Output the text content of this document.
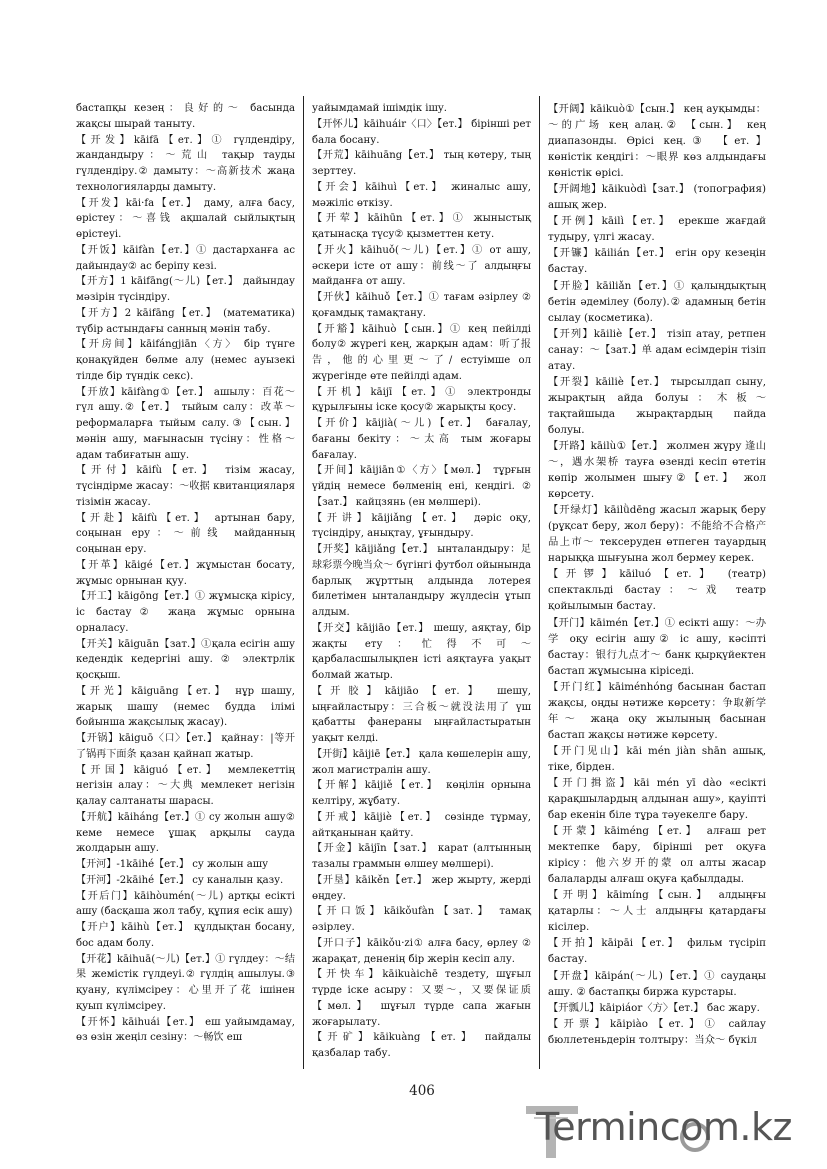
бастапқы кезең：良好的～ басында жақсы шырай таныту.

【开发】kāifā【ет.】① гүлдендіру, жандандыру：～荒山 тақыр тауды гүлдендіру.② дамыту：～高新技术 жаңа технологияларды дамыту.

【开发】kāi·fa【ет.】 даму, алға басу, өрістеу：～喜钱 ақшалай сыйлықтың өрістеуі.

【开饭】kāifàn【ет.】① дастарханға ас дайындау② ас беріпу кезі.

【开方】1 kāifāng(～儿)【ет.】 дайындау мәзірін түсіндіру.

【开方】2 kāifāng【ет.】 (математика) түбір астындағы санның мәнін табу.

【开房间】kāifángjiān〈方〉 бір түнге қонақүйден бөлме алу (немес ауызекі тілде бір түндік секс).

【开放】kāifàng①【ет.】 ашылу：百花～ гүл ашу.②【ет.】 тыйым салу：改革～ реформаларға тыйым салу.③【сын.】 мәнін ашу, мағынасын түсіну：性格～ адам табиғатын ашу.

【开付】kāifù【ет.】 тізім жасау, түсіндірме жасау：～收据 квитанцияларя тізімін жасау.

【开赴】kāifù【ет.】 артынан бару, соңынан еру：～前线 майданның соңынан еру.

【开革】kāigé【ет.】жұмыстан босату, жұмыс орнынан қуу.

【开工】kāigōng【ет.】① жұмысқа кірісу, іс бастау② жаңа жұмыс орнына орналасу.

【开关】kāiguān【зат.】①қала есігін ашу кедендік кедергіні ашу. ② электрлік қосқыш.

【开光】kāiguāng【ет.】 нұр шашу, жарық шашу (немес будда ілімі бойынша жақсылық жасау).

【开锅】kāiguō〈口〉【ет.】 қайнау：|等开了锅再下面条 қазан қайнап жатыр.

【开国】kāiguó【ет.】 мемлекеттің негізін алау：～大典 мемлекет негізін қалау салтанаты шарасы.

【开航】kāiháng【ет.】① су жолын ашу② кеме немесе ұшақ арқылы сауда жолдарын ашу.

【开河】-1kāihé【ет.】 су жолын ашу

【开河】-2kāihé【ет.】 су каналын қазу.

【开后门】kāihòumén(～儿) артқы есікті ашу (басқаша жол табу, құпия есік ашу)

【开户】kāihù【ет.】 құлдықтан босану, бос адам болу.

【开花】kāihuā(～儿)【ет.】① гүлдеу：～结果 жемістік гүлдеуі.② гүлдің ашылуы.③ қуану, күлімсіреу：心里开了花 ішінен қуып күлімсіреу.

【开怀】kāihuái【ет.】 еш уайымдамау, өз өзін жеңіл сезіну：～畅饮 еш

уайымдамай ішімдік ішу.

【开怀儿】kāihuáir〈口〉【ет.】 бірінші рет бала босану.

【开荒】kāihuāng【ет.】 тың көтеру, тың зерттеу.

【开会】kāihuì【ет.】 жиналыс ашу, мәжіліс өткізу.

【开荤】kāihūn【ет.】① жыныстық қатынасқа түсу② қызметтен кету.

【开火】kāihuǒ(～儿)【ет.】① от ашу, әскери істе от ашу：前线～了 алдыңғы майданға от ашу.

【开伙】kāihuǒ【ет.】① тағам әзірлеу ② қоғамдық тамақтану.

【开豁】kāihuò【сын.】① кең пейілді болу② жүрегі кең, жарқын адам：听了报告，他的心里更～了/ естуімше ол жүрегінде өте пейілді адам.

【开机】kāijī【ет.】① электронды құрылғыны іске қосу② жарықты қосу.

【开价】kāijià(～儿)【ет.】 бағалау, бағаны бекіту：～太高 тым жоғары бағалау.

【开间】kāijiān①〈方〉【мөл.】 тұрғын үйдің немесе бөлменің ені, кеңдігі. ②【зат.】 кайцзянь (ен мөлшері).

【开讲】kāijiǎng【ет.】 дәріс оқу, түсіндіру, анықтау, ұғындыру.

【开奖】kāijiǎng【ет.】 ынталандыру：足球彩票今晚当众～ бүгінгі футбол ойынында барлық жұрттың алдында лотерея билетімен ынталандыру жүлдесін ұтып алдым.

【开交】kāijiāo【ет.】 шешу, аяқтау, бір жақты ету：忙得不可～ қарбаласшылықпен істі аяқтауға уақыт болмай жатыр.

【开胶】kāijiāo【ет.】 шешу, ыңғайластыру：三合板～就没法用了 үш қабатты фанераны ыңғайластыратын уақыт келді.

【开街】kāijiē【ет.】 қала көшелерін ашу, жол магистралін ашу.

【开解】kāijiě【ет.】 көңілін орнына келтіру, жұбату.

【开戒】kāijiè【ет.】 сөзінде тұрмау, айтқанынан қайту.

【开金】kāijīn【зат.】 карат (алтынның тазалы граммын өлшеу мөлшері).

【开垦】kāikěn【ет.】 жер жырту, жерді өңдеу.

【开口饭】kāikǒufàn【зат.】 тамақ әзірлеу.

【开口子】kāikǒu·zi① алға басу, өрлеу ② жарақат, дененің бір жерін кесіп алу.

【开快车】kāikuàichē тездету, шұғыл түрде іске асыру：又要～，又要保证质【мөл.】 шұғыл түрде сапа жағын жоғарылату.

【开矿】kāikuàng【ет.】 пайдалы қазбалар табу.

【开阔】kāikuò①【сын.】 кең ауқымды：～的广场 кең алаң.② 【сын.】 кең диапазонды. Өрісі кең.③ 【ет.】 көністік кеңдігі：～眼界 көз алдындағы көністік өрісі.

【开阔地】kāikuòdì【зат.】 (топография) ашық жер.

【开例】kāilì【ет.】 ерекше жағдай тудыру, үлгі жасау.

【开镰】kāilián【ет.】 егін ору кезеңін бастау.

【开脸】kāiliǎn【ет.】① қалыңдықтың бетін әдемілеу (болу).② адамның бетін сылау (косметика).

【开列】kāiliè【ет.】 тізіп атау, ретпен санау：～【зат.】单 адам есімдерін тізіп атау.

【开裂】kāiliè【ет.】 тырсылдап сыну, жырақтың айда болуы：木板～ тақтайшыда жырақтардың пайда болуы.

【开路】kāilù①【ет.】 жолмен жүру 逢山～，遇水架桥 тауға өзенді кесіп өтетін көпір жолымен шығу②【ет.】 жол көрсету.

【开绿灯】kāilǜdēng жасыл жарық беру (рұқсат беру, жол беру)：不能给不合格产品上市～ тексеруден өтпеген тауардың нарыққа шығуына жол бермеу керек.

【开锣】kāiluó【ет.】 (театр) спектакльді бастау：～戏 театр қойылымын бастау.

【开门】kāimén【ет.】① есікті ашу：～办学 оқу есігін ашу② іс ашу, кәсіпті бастау：银行九点才～ банк қырқүйектен бастап жұмысына кіріседі.

【开门红】kāiménhóng басынан бастап жақсы, оңды нәтиже көрсету：争取新学年～ жаңа оқу жылының басынан бастап жақсы нәтиже көрсету.

【开门见山】kāi mén jiàn shān ашық, тіке, бірден.

【开门揖盗】kāi mén yī dào «есікті қарақшылардың алдынан ашу», қауіпті бар екенін біле тұра тәуекелге бару.

【开蒙】kāiméng【ет.】 алғаш рет мектепке бару, бірінші рет оқуға кірісу：他六岁开的蒙 ол алты жасар балаларды алғаш оқуға қабылдады.

【开明】kāimíng【сын.】 алдыңғы қатарлы：～人士 алдыңғы қатардағы кісілер.

【开拍】kāipāi【ет.】 фильм түсіріп бастау.

【开盘】kāipán(～儿)【ет.】① саудаңы ашу. ② бастапқы биржа курстары.

【开瓢儿】kāipiáor〈方〉【ет.】 бас жару.

【开票】kāipiào【ет.】① сайлау бюллетеньдерін толтыру：当众～ бүкіл

406
Termincom.kz
